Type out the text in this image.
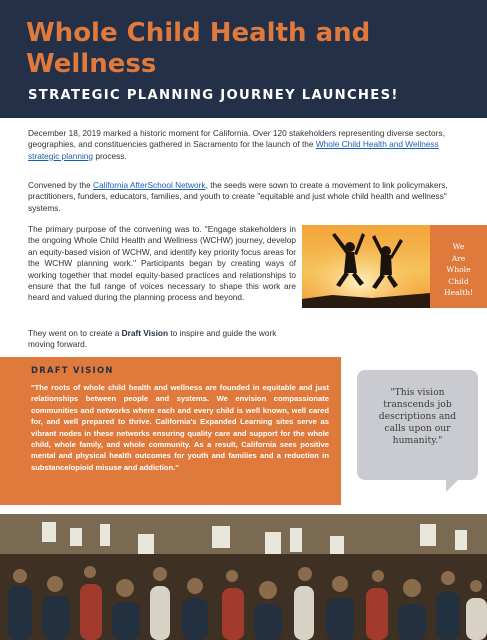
Whole Child Health and Wellness
STRATEGIC PLANNING JOURNEY LAUNCHES!
December 18, 2019 marked a historic moment for California. Over 120 stakeholders representing diverse sectors, geographies, and constituencies gathered in Sacramento for the launch of the Whole Child Health and Wellness strategic planning process.
Convened by the California AfterSchool Network, the seeds were sown to create a movement to link policymakers, practitioners, funders, educators, families, and youth to create "equitable and just whole child health and wellness" systems.
The primary purpose of the convening was to. "Engage stakeholders in the ongoing Whole Child Health and Wellness (WCHW) journey, develop an equity-based vision of WCHW, and identify key priority focus areas for the WCHW planning work." Participants began by creating ways of working together that model equity-based practices and relationships to ensure that the full range of voices necessary to shape this work are heard and valued during the planning process and beyond.
They went on to create a Draft Vision to inspire and guide the work moving forward.
We
Are
Whole
Child
Health!
DRAFT VISION
"The roots of whole child health and wellness are founded in equitable and just relationships between people and systems. We envision compassionate communities and networks where each and every child is well known, well cared for, and well prepared to thrive. California's Expanded Learning sites serve as vibrant nodes in these networks ensuring quality care and support for the whole child, whole family, and whole community. As a result, California sees positive mental and physical health outcomes for youth and families and a reduction in substance/opioid misuse and addiction."
"This vision transcends job descriptions and calls upon our humanity."
